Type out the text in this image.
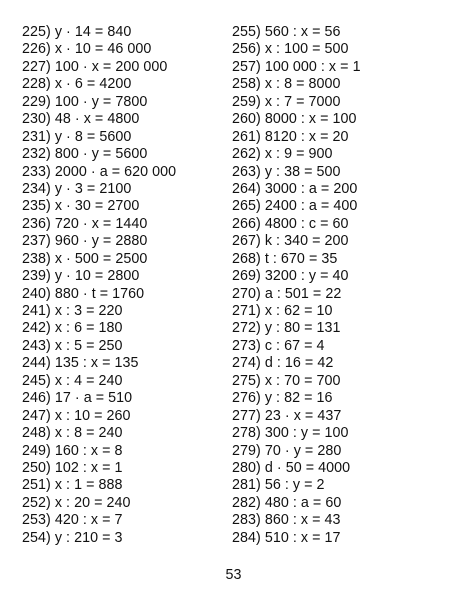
225) y · 14 = 840
226) x · 10 = 46 000
227) 100 · x = 200 000
228) x · 6 = 4200
229) 100 · y = 7800
230) 48 · x = 4800
231) y · 8 = 5600
232) 800 · y = 5600
233) 2000 · a = 620 000
234) y · 3 = 2100
235) x · 30 = 2700
236) 720 · x = 1440
237) 960 · y = 2880
238) x · 500 = 2500
239) y · 10 = 2800
240) 880 · t = 1760
241) x : 3 = 220
242) x : 6 = 180
243) x : 5 = 250
244) 135 : x = 135
245) x : 4 = 240
246) 17 · a = 510
247) x : 10 = 260
248) x : 8 = 240
249) 160 : x = 8
250) 102 : x = 1
251) x : 1 = 888
252) x : 20 = 240
253) 420 : x = 7
254) y : 210 = 3
255) 560 : x = 56
256) x : 100 = 500
257) 100 000 : x = 1
258) x : 8 = 8000
259) x : 7 = 7000
260) 8000 : x = 100
261) 8120 : x = 20
262) x : 9 = 900
263) y : 38 = 500
264) 3000 : a = 200
265) 2400 : a = 400
266) 4800 : c = 60
267) k : 340 = 200
268) t : 670 = 35
269) 3200 : y = 40
270) a : 501 = 22
271) x : 62 = 10
272) y : 80 = 131
273) c : 67 = 4
274) d : 16 = 42
275) x : 70 = 700
276) y : 82 = 16
277) 23 · x = 437
278) 300 : y = 100
279) 70 · y = 280
280) d · 50 = 4000
281) 56 : y = 2
282) 480 : a = 60
283) 860 : x = 43
284) 510 : x = 17
53
